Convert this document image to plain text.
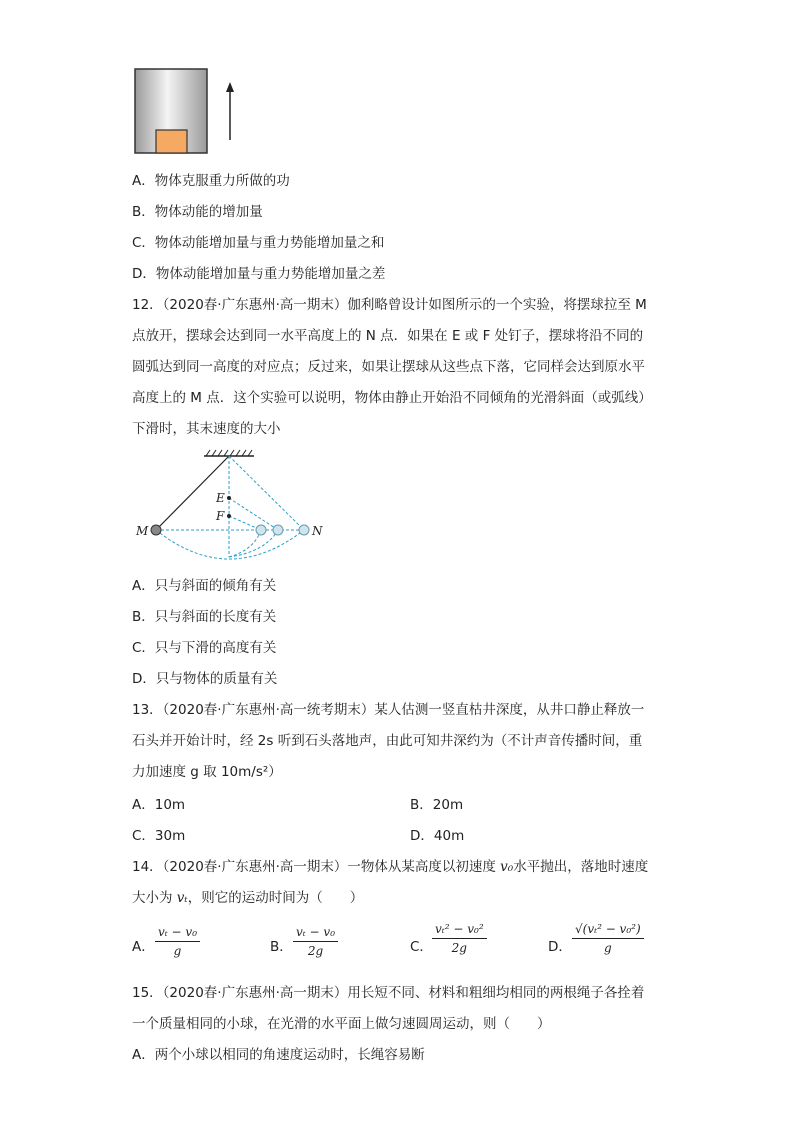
A．物体克服重力所做的功
B．物体动能的增加量
C．物体动能增加量与重力势能增加量之和
D．物体动能增加量与重力势能增加量之差
12．（2020春·广东惠州·高一期末）伽利略曾设计如图所示的一个实验，将摆球拉至 M
点放开，摆球会达到同一水平高度上的 N 点．如果在 E 或 F 处钉子，摆球将沿不同的
圆弧达到同一高度的对应点；反过来，如果让摆球从这些点下落，它同样会达到原水平
高度上的 M 点．这个实验可以说明，物体由静止开始沿不同倾角的光滑斜面（或弧线）
下滑时，其末速度的大小
E
F
M	N
A．只与斜面的倾角有关
B．只与斜面的长度有关
C．只与下滑的高度有关
D．只与物体的质量有关
13．（2020春·广东惠州·高一统考期末）某人估测一竖直枯井深度，从井口静止释放一
石头并开始计时，经 2s 听到石头落地声，由此可知井深约为（不计声音传播时间，重
力加速度 g 取 10m/s²）
A．10m	B．20m
C．30m	D．40m
14．（2020春·广东惠州·高一期末）一物体从某高度以初速度 v₀水平抛出，落地时速度
大小为 vₜ，则它的运动时间为（　　）
A． $\frac{\text{vₜ − v₀}}{g}$	B． $\frac{\text{vₜ − v₀}}{2g}$	C． $\frac{\text{vₜ² − v₀²}}{2g}$	D． $\frac{\text{√(vₜ² − v₀²)}}{g}$
15．（2020春·广东惠州·高一期末）用长短不同、材料和粗细均相同的两根绳子各拴着
一个质量相同的小球，在光滑的水平面上做匀速圆周运动，则（　　）
A．两个小球以相同的角速度运动时，长绳容易断
